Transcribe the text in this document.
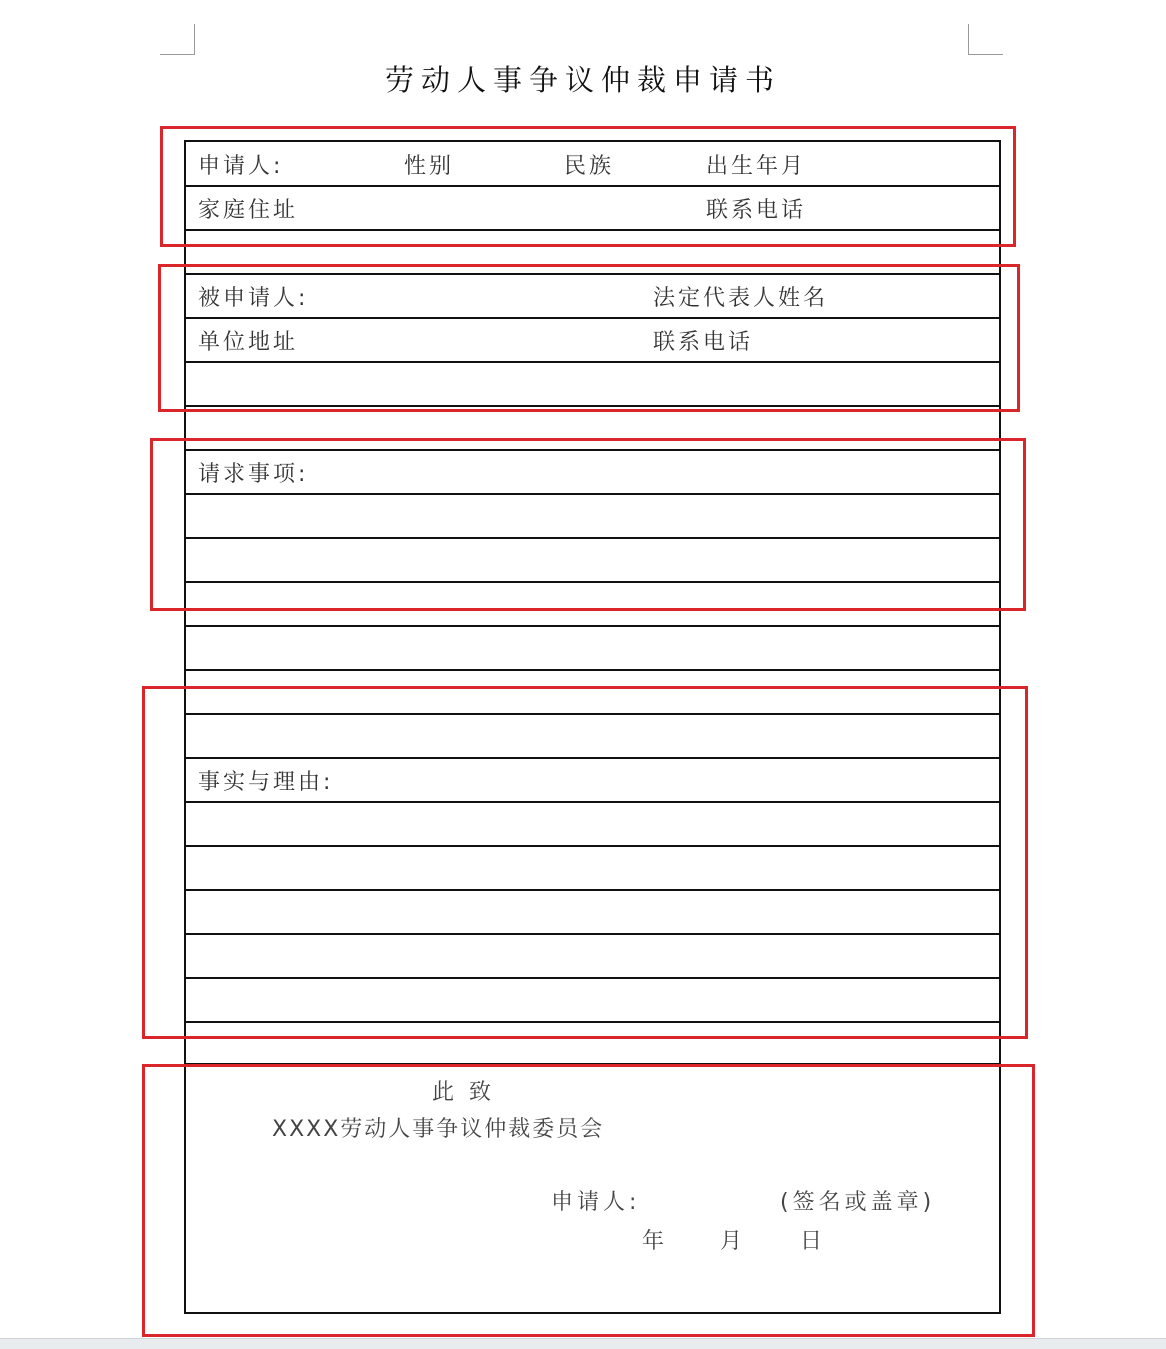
劳动人事争议仲裁申请书
申请人:	性别	民族	出生年月
家庭住址	联系电话
被申请人:	法定代表人姓名
单位地址	联系电话
请求事项:
事实与理由:
此 致
XXXX劳动人事争议仲裁委员会
申请人:	(签名或盖章)
年 月 日
